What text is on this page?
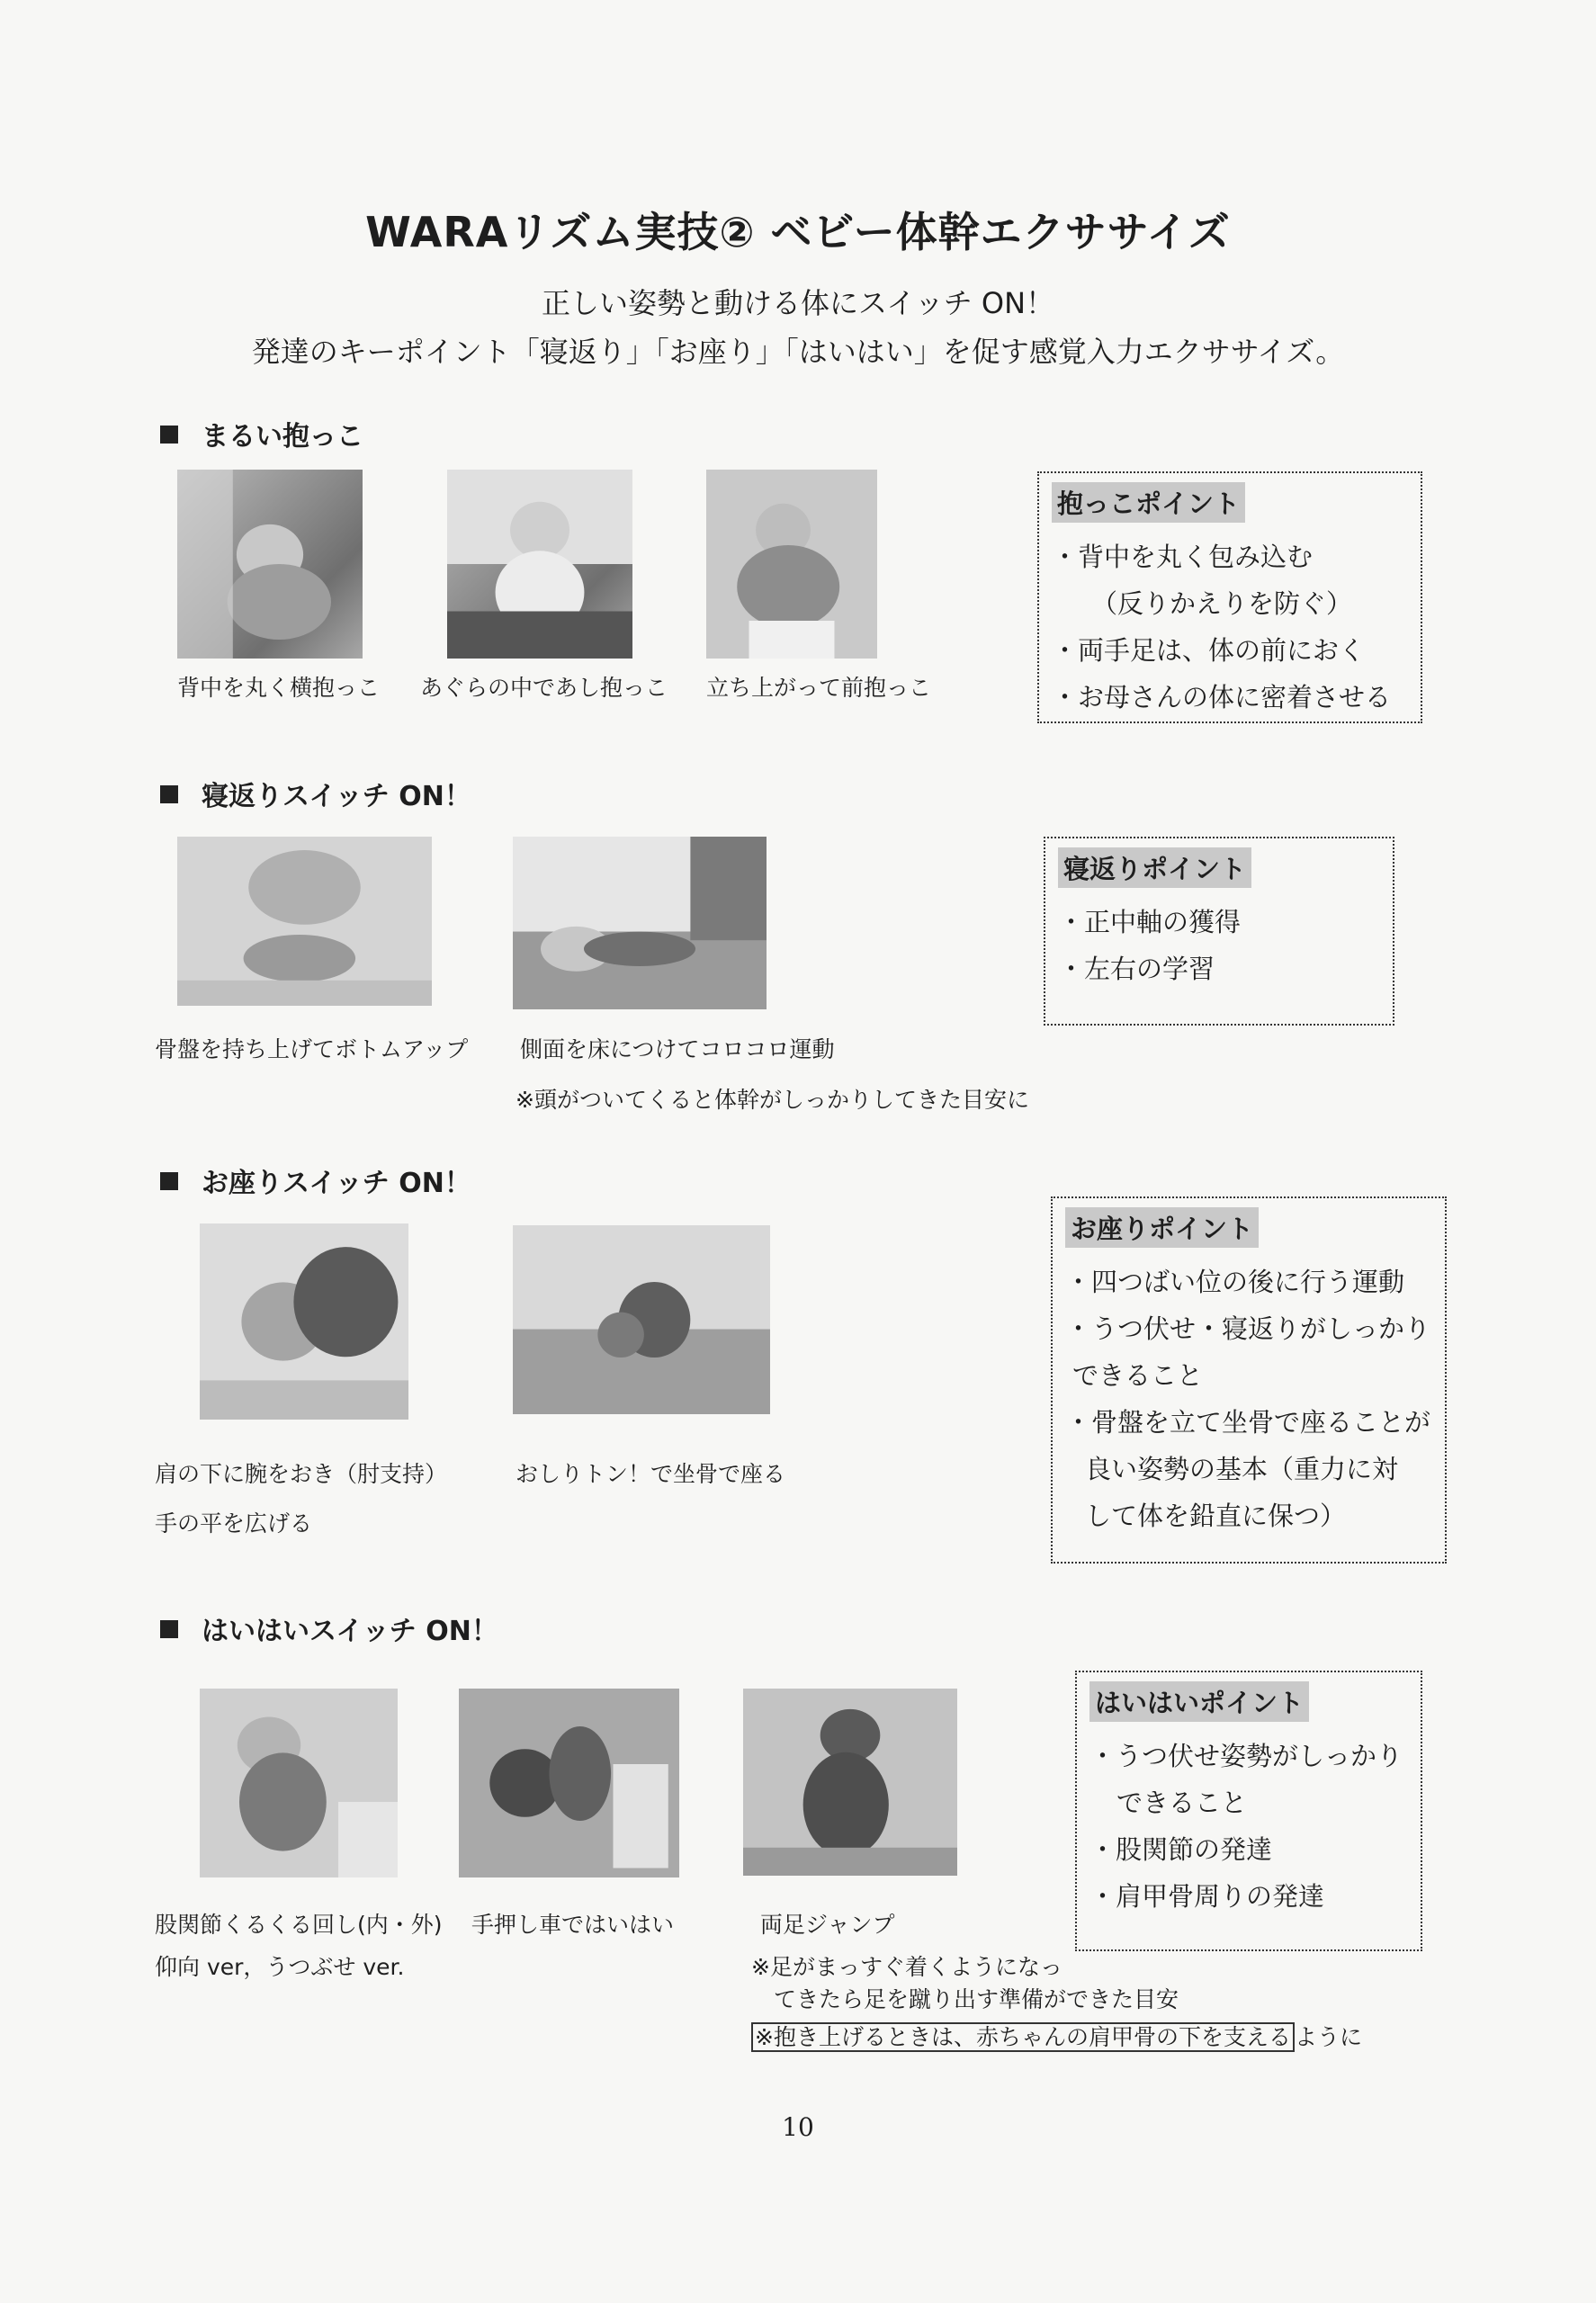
WARAリズム実技② ベビー体幹エクササイズ
正しい姿勢と動ける体にスイッチ ON！
発達のキーポイント「寝返り」「お座り」「はいはい」を促す感覚入力エクササイズ。
まるい抱っこ
背中を丸く横抱っこ あぐらの中であし抱っこ 立ち上がって前抱っこ
抱っこポイント
・背中を丸く包み込む
（反りかえりを防ぐ）
・両手足は、体の前におく
・お母さんの体に密着させる
寝返りスイッチ ON！
骨盤を持ち上げてボトムアップ 側面を床につけてコロコロ運動
※頭がついてくると体幹がしっかりしてきた目安に
寝返りポイント
・正中軸の獲得
・左右の学習
お座りスイッチ ON！
肩の下に腕をおき（肘支持）
手の平を広げる
おしりトン！で坐骨で座る
お座りポイント
・四つばい位の後に行う運動
・うつ伏せ・寝返りがしっかり
できること
・骨盤を立て坐骨で座ることが
良い姿勢の基本（重力に対
して体を鉛直に保つ）
はいはいスイッチ ON！
股関節くるくる回し(内・外)
仰向 ver，うつぶせ ver.
手押し車ではいはい	両足ジャンプ
※足がまっすぐ着くようになっ
てきたら足を蹴り出す準備ができた目安
※抱き上げるときは、赤ちゃんの肩甲骨の下を支える ように
はいはいポイント
・うつ伏せ姿勢がしっかり
できること
・股関節の発達
・肩甲骨周りの発達
10
